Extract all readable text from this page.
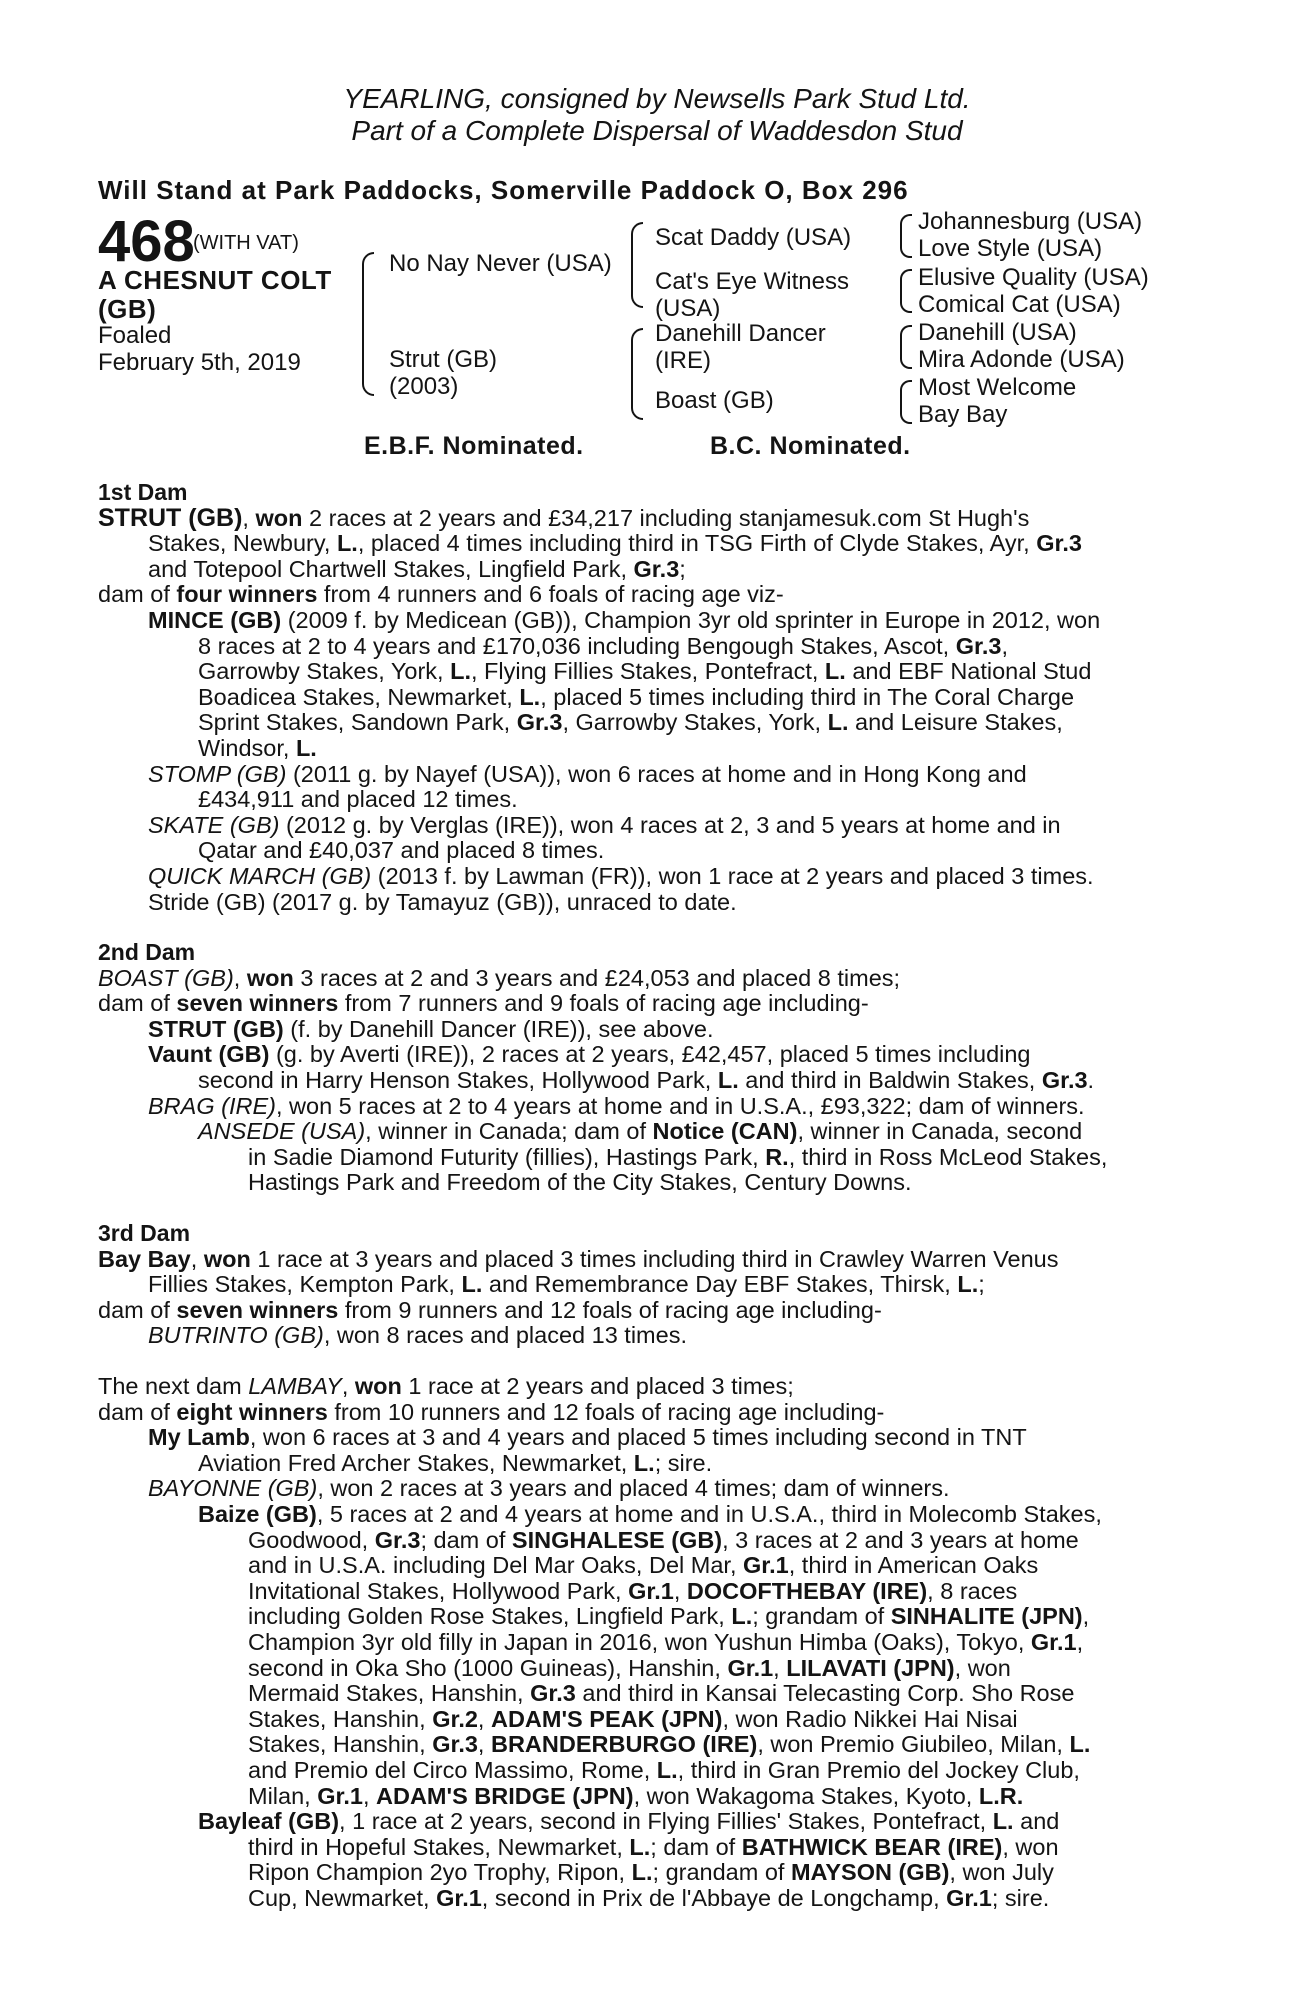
YEARLING, consigned by Newsells Park Stud Ltd.
Part of a Complete Dispersal of Waddesdon Stud
Will Stand at Park Paddocks, Somerville Paddock O, Box 296
468
(WITH VAT)
A CHESNUT COLT
(GB)
Foaled
February 5th, 2019
No Nay Never (USA)
Strut (GB)
(2003)
Scat Daddy (USA)
Cat's Eye Witness
(USA)
Danehill Dancer
(IRE)
Boast (GB)
Johannesburg (USA)
Love Style (USA)
Elusive Quality (USA)
Comical Cat (USA)
Danehill (USA)
Mira Adonde (USA)
Most Welcome
Bay Bay
E.B.F. Nominated.	B.C. Nominated.
1st Dam
STRUT (GB), won 2 races at 2 years and £34,217 including stanjamesuk.com St Hugh's
Stakes, Newbury, L., placed 4 times including third in TSG Firth of Clyde Stakes, Ayr, Gr.3
and Totepool Chartwell Stakes, Lingfield Park, Gr.3;
dam of four winners from 4 runners and 6 foals of racing age viz-
MINCE (GB) (2009 f. by Medicean (GB)), Champion 3yr old sprinter in Europe in 2012, won
8 races at 2 to 4 years and £170,036 including Bengough Stakes, Ascot, Gr.3,
Garrowby Stakes, York, L., Flying Fillies Stakes, Pontefract, L. and EBF National Stud
Boadicea Stakes, Newmarket, L., placed 5 times including third in The Coral Charge
Sprint Stakes, Sandown Park, Gr.3, Garrowby Stakes, York, L. and Leisure Stakes,
Windsor, L.
STOMP (GB) (2011 g. by Nayef (USA)), won 6 races at home and in Hong Kong and
£434,911 and placed 12 times.
SKATE (GB) (2012 g. by Verglas (IRE)), won 4 races at 2, 3 and 5 years at home and in
Qatar and £40,037 and placed 8 times.
QUICK MARCH (GB) (2013 f. by Lawman (FR)), won 1 race at 2 years and placed 3 times.
Stride (GB) (2017 g. by Tamayuz (GB)), unraced to date.
2nd Dam
BOAST (GB), won 3 races at 2 and 3 years and £24,053 and placed 8 times;
dam of seven winners from 7 runners and 9 foals of racing age including-
STRUT (GB) (f. by Danehill Dancer (IRE)), see above.
Vaunt (GB) (g. by Averti (IRE)), 2 races at 2 years, £42,457, placed 5 times including
second in Harry Henson Stakes, Hollywood Park, L. and third in Baldwin Stakes, Gr.3.
BRAG (IRE), won 5 races at 2 to 4 years at home and in U.S.A., £93,322; dam of winners.
ANSEDE (USA), winner in Canada; dam of Notice (CAN), winner in Canada, second
in Sadie Diamond Futurity (fillies), Hastings Park, R., third in Ross McLeod Stakes,
Hastings Park and Freedom of the City Stakes, Century Downs.
3rd Dam
Bay Bay, won 1 race at 3 years and placed 3 times including third in Crawley Warren Venus
Fillies Stakes, Kempton Park, L. and Remembrance Day EBF Stakes, Thirsk, L.;
dam of seven winners from 9 runners and 12 foals of racing age including-
BUTRINTO (GB), won 8 races and placed 13 times.
The next dam LAMBAY, won 1 race at 2 years and placed 3 times;
dam of eight winners from 10 runners and 12 foals of racing age including-
My Lamb, won 6 races at 3 and 4 years and placed 5 times including second in TNT
Aviation Fred Archer Stakes, Newmarket, L.; sire.
BAYONNE (GB), won 2 races at 3 years and placed 4 times; dam of winners.
Baize (GB), 5 races at 2 and 4 years at home and in U.S.A., third in Molecomb Stakes,
Goodwood, Gr.3; dam of SINGHALESE (GB), 3 races at 2 and 3 years at home
and in U.S.A. including Del Mar Oaks, Del Mar, Gr.1, third in American Oaks
Invitational Stakes, Hollywood Park, Gr.1, DOCOFTHEBAY (IRE), 8 races
including Golden Rose Stakes, Lingfield Park, L.; grandam of SINHALITE (JPN),
Champion 3yr old filly in Japan in 2016, won Yushun Himba (Oaks), Tokyo, Gr.1,
second in Oka Sho (1000 Guineas), Hanshin, Gr.1, LILAVATI (JPN), won
Mermaid Stakes, Hanshin, Gr.3 and third in Kansai Telecasting Corp. Sho Rose
Stakes, Hanshin, Gr.2, ADAM'S PEAK (JPN), won Radio Nikkei Hai Nisai
Stakes, Hanshin, Gr.3, BRANDERBURGO (IRE), won Premio Giubileo, Milan, L.
and Premio del Circo Massimo, Rome, L., third in Gran Premio del Jockey Club,
Milan, Gr.1, ADAM'S BRIDGE (JPN), won Wakagoma Stakes, Kyoto, L.R.
Bayleaf (GB), 1 race at 2 years, second in Flying Fillies' Stakes, Pontefract, L. and
third in Hopeful Stakes, Newmarket, L.; dam of BATHWICK BEAR (IRE), won
Ripon Champion 2yo Trophy, Ripon, L.; grandam of MAYSON (GB), won July
Cup, Newmarket, Gr.1, second in Prix de l'Abbaye de Longchamp, Gr.1; sire.
